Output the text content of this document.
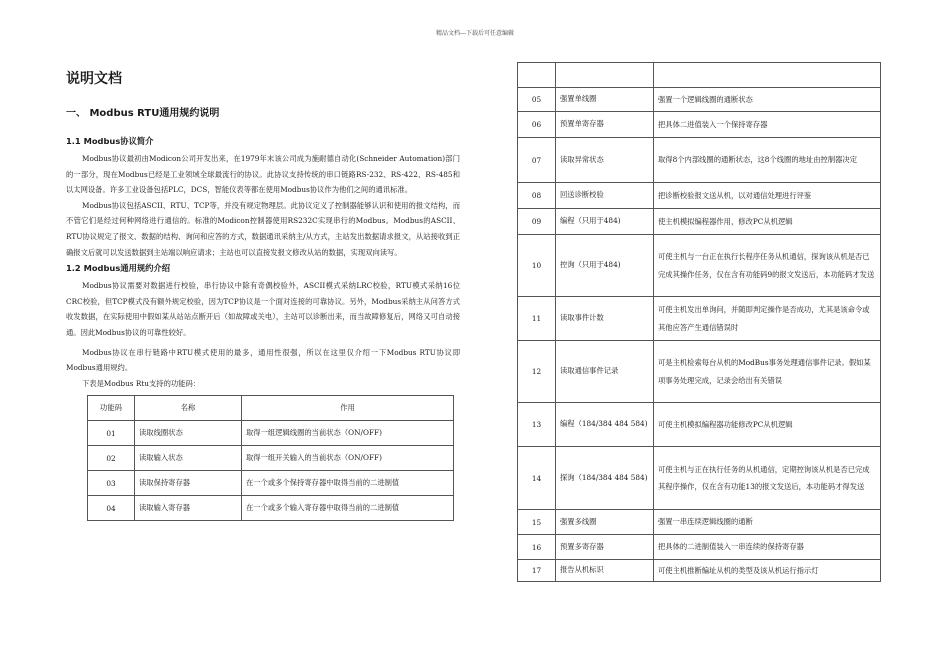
精品文档---下载后可任意编辑
说明文档
一、 Modbus RTU通用规约说明
1.1 Modbus协议简介

Modbus协议最初由Modicon公司开发出来，在1979年末该公司成为施耐德自动化(Schneider Automation)部门的一部分，现在Modbus已经是工业领域全球最流行的协议。此协议支持传统的串口链路RS-232、RS-422、RS-485和以太网设备。许多工业设备包括PLC，DCS，智能仪表等都在使用Modbus协议作为他们之间的通讯标准。

Modbus协议包括ASCII、RTU、TCP等，并没有规定物理层。此协议定义了控制器能够认识和使用的报文结构，而不管它们是经过何种网络进行通信的。标准的Modicon控制器使用RS232C实现串行的Modbus。Modbus的ASCII、RTU协议规定了报文、数据的结构、询问和应答的方式，数据通讯采纳主/从方式，主站发出数据请求报文，从站接收到正确报文后就可以发送数据到主站端以响应请求；主站也可以直接发报文修改从站的数据，实现双向读写。

1.2 Modbus通用规约介绍

Modbus协议需要对数据进行校验，串行协议中除有奇偶校验外，ASCII模式采纳LRC校验，RTU模式采纳16位CRC校验，但TCP模式没有额外规定校验，因为TCP协议是一个面对连接的可靠协议。另外，Modbus采纳主从问答方式收发数据，在实际使用中假如某从站站点断开后（如故障或关电），主站可以诊断出来，而当故障修复后，网络又可自动接通。因此Modbus协议的可靠性较好。

Modbus协议在串行链路中RTU模式使用的最多，通用性很强，所以在这里仅介绍一下Modbus RTU协议即Modbus通用规约。

下表是Modbus Rtu支持的功能码：

功能码	名称	作用
01	读取线圈状态	取得一组逻辑线圈的当前状态（ON/OFF)
02	读取输入状态	取得一组开关输入的当前状态（ON/OFF)
03	读取保持寄存器	在一个或多个保持寄存器中取得当前的二进制值
04	读取输入寄存器	在一个或多个输入寄存器中取得当前的二进制值

05	强置单线圈	强置一个逻辑线圈的通断状态
06	预置单寄存器	把具体二进值装入一个保持寄存器
07	读取异常状态	取得8个内部线圈的通断状态，这8个线圈的地址由控制器决定
08	回送诊断校验	把诊断校验报文送从机，以对通信处理进行评鉴
09	编程（只用于484)	使主机模拟编程器作用，修改PC从机逻辑
10	控询（只用于484)	可使主机与一台正在执行长程序任务从机通信，探询该从机是否已完成其操作任务，仅在含有功能码9的报文发送后，本功能码才发送
11	读取事件计数	可使主机发出单询问，并随即判定操作是否成功，尤其是该命令或其他应答产生通信错误时
12	读取通信事件记录	可是主机检索每台从机的ModBus事务处理通信事件记录。假如某项事务处理完成，记录会给出有关错误
13	编程（184/384 484 584)	可使主机模拟编程器功能修改PC从机逻辑
14	探询（184/384 484 584)	可使主机与正在执行任务的从机通信，定期控询该从机是否已完成其程序操作，仅在含有功能13的报文发送后，本功能码才得发送
15	强置多线圈	强置一串连续逻辑线圈的通断
16	预置多寄存器	把具体的二进制值装入一串连续的保持寄存器
17	报告从机标识	可使主机推断编址从机的类型及该从机运行指示灯
